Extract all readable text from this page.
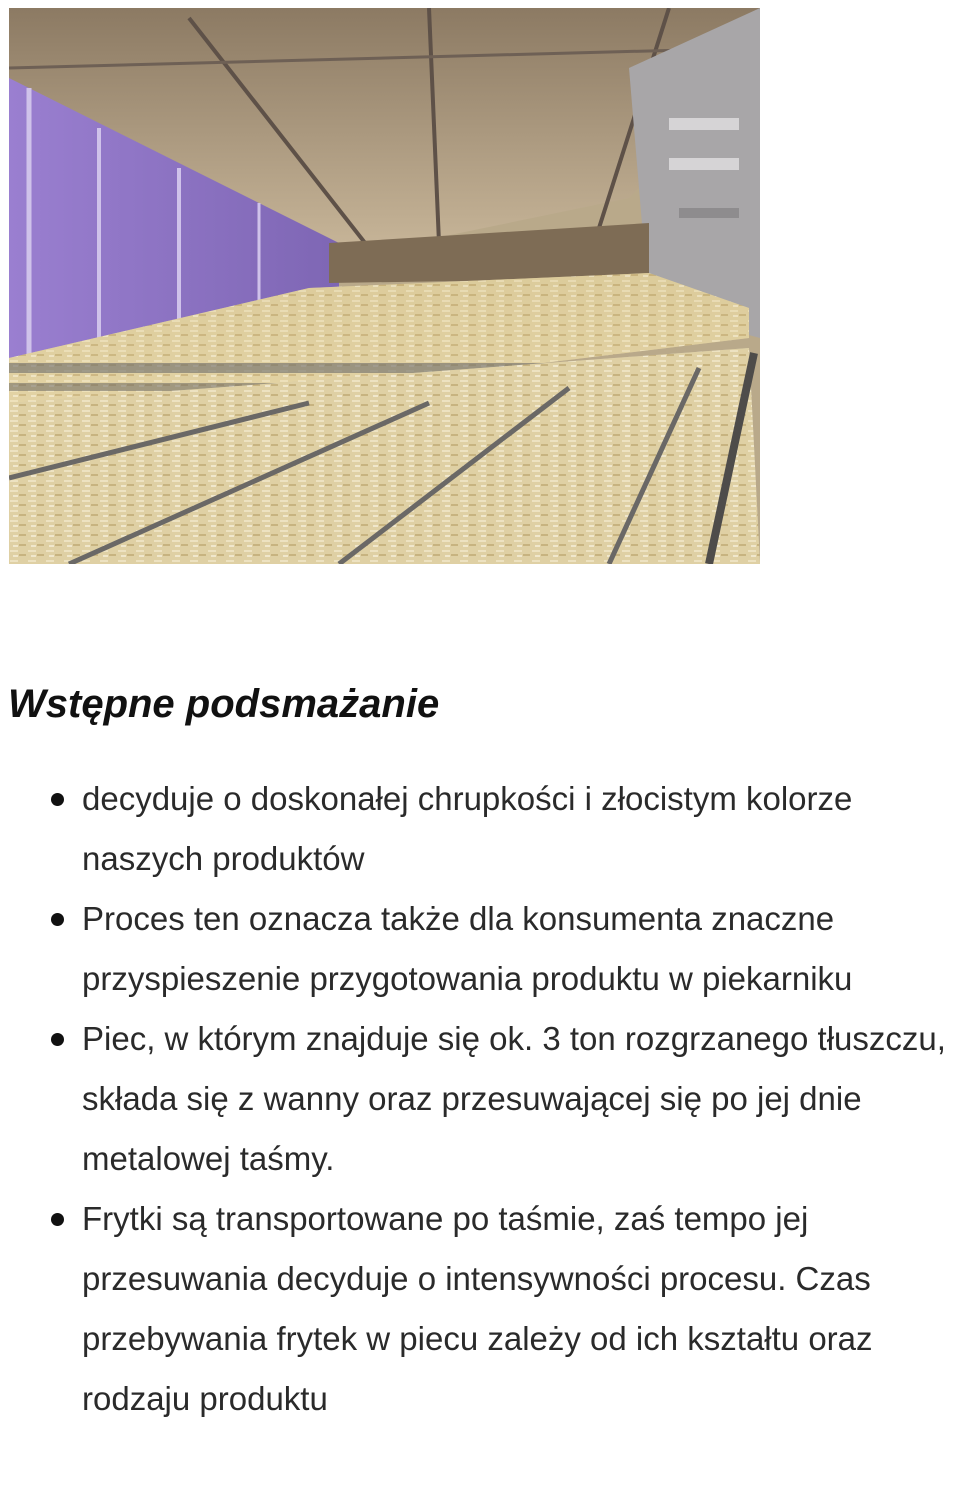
Wstępne podsmażanie
decyduje o doskonałej chrupkości i złocistym kolorze naszych produktów
Proces ten oznacza także dla konsumenta znaczne przyspieszenie przygotowania produktu w piekarniku
Piec, w którym znajduje się ok. 3 ton rozgrzanego tłuszczu, składa się z wanny oraz przesuwającej się po jej dnie metalowej taśmy.
Frytki są transportowane po taśmie, zaś tempo jej przesuwania decyduje o intensywności procesu. Czas przebywania frytek w piecu zależy od ich kształtu oraz rodzaju produktu
